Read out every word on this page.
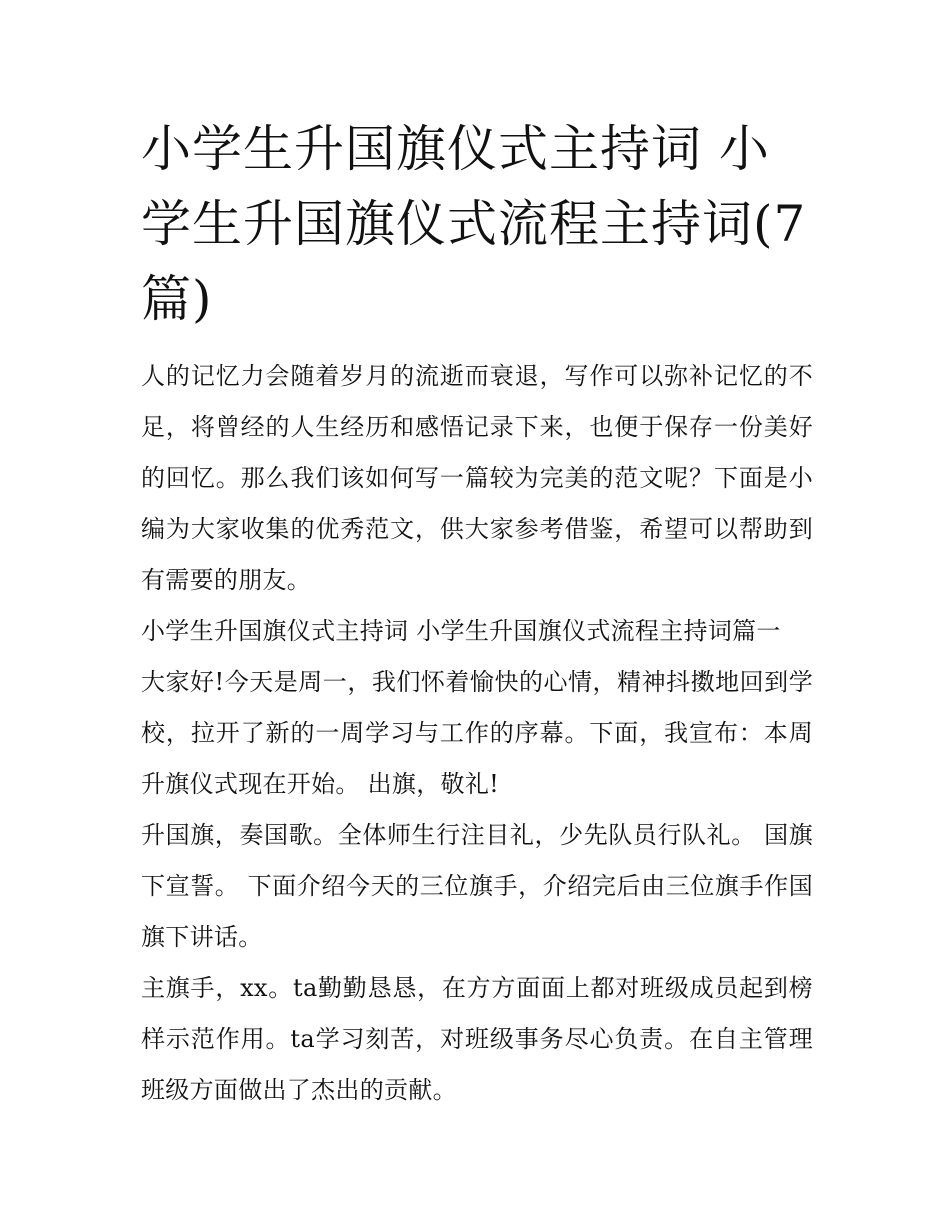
小学生升国旗仪式主持词 小学生升国旗仪式流程主持词(7篇)

人的记忆力会随着岁月的流逝而衰退，写作可以弥补记忆的不足，将曾经的人生经历和感悟记录下来，也便于保存一份美好的回忆。那么我们该如何写一篇较为完美的范文呢？下面是小编为大家收集的优秀范文，供大家参考借鉴，希望可以帮助到有需要的朋友。

小学生升国旗仪式主持词 小学生升国旗仪式流程主持词篇一

大家好!今天是周一，我们怀着愉快的心情，精神抖擞地回到学校，拉开了新的一周学习与工作的序幕。下面，我宣布：本周升旗仪式现在开始。 出旗，敬礼!

升国旗，奏国歌。全体师生行注目礼，少先队员行队礼。 国旗下宣誓。 下面介绍今天的三位旗手，介绍完后由三位旗手作国旗下讲话。

主旗手，xx。ta勤勤恳恳，在方方面面上都对班级成员起到榜样示范作用。ta学习刻苦，对班级事务尽心负责。在自主管理班级方面做出了杰出的贡献。
